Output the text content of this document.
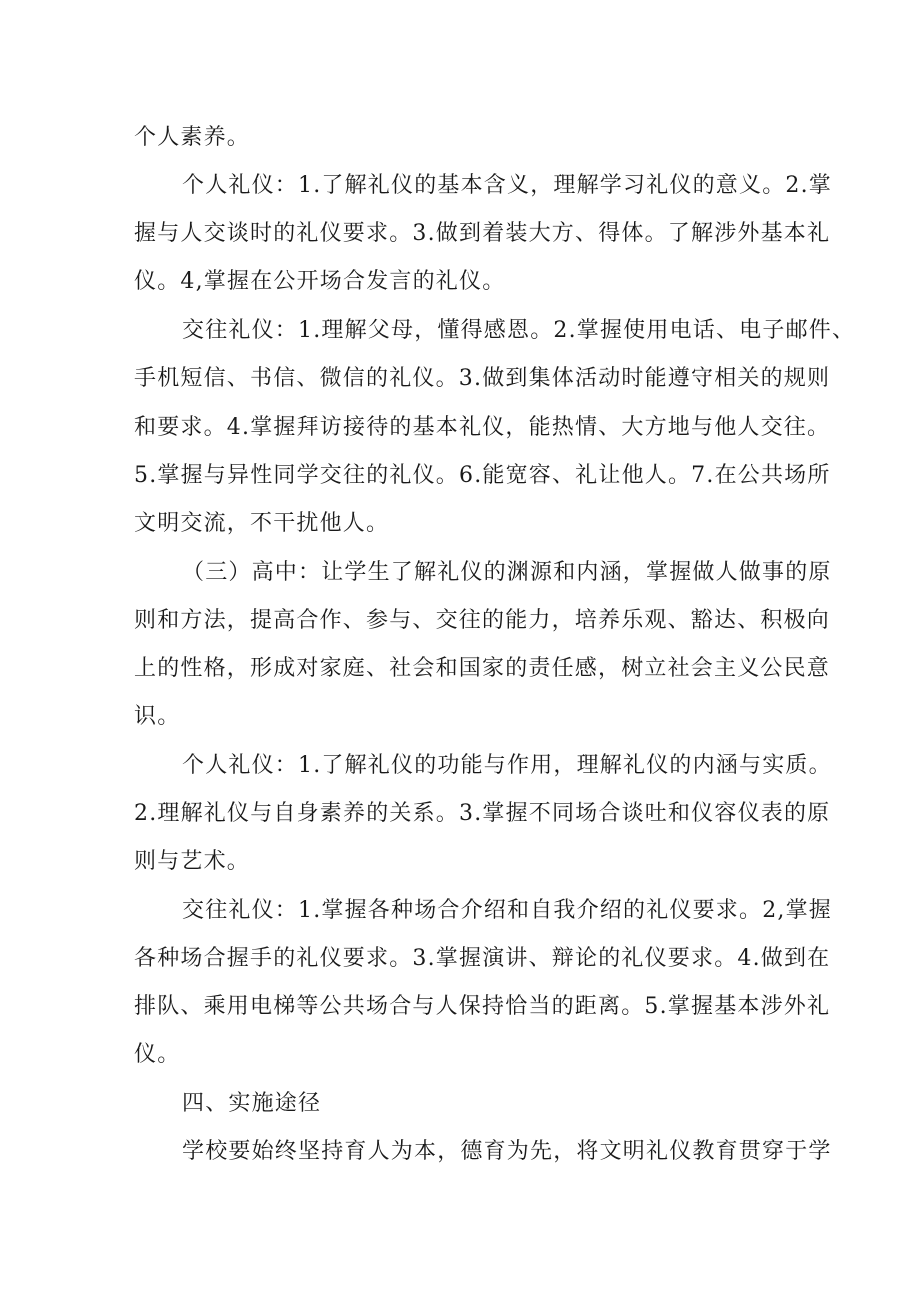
个人素养。
个人礼仪：1.了解礼仪的基本含义，理解学习礼仪的意义。2.掌
握与人交谈时的礼仪要求。3.做到着装大方、得体。了解涉外基本礼
仪。4,掌握在公开场合发言的礼仪。
交往礼仪：1.理解父母，懂得感恩。2.掌握使用电话、电子邮件、
手机短信、书信、微信的礼仪。3.做到集体活动时能遵守相关的规则
和要求。4.掌握拜访接待的基本礼仪，能热情、大方地与他人交往。
5.掌握与异性同学交往的礼仪。6.能宽容、礼让他人。7.在公共场所
文明交流，不干扰他人。
（三）高中：让学生了解礼仪的渊源和内涵，掌握做人做事的原
则和方法，提高合作、参与、交往的能力，培养乐观、豁达、积极向
上的性格，形成对家庭、社会和国家的责任感，树立社会主义公民意
识。
个人礼仪：1.了解礼仪的功能与作用，理解礼仪的内涵与实质。
2.理解礼仪与自身素养的关系。3.掌握不同场合谈吐和仪容仪表的原
则与艺术。
交往礼仪：1.掌握各种场合介绍和自我介绍的礼仪要求。2,掌握
各种场合握手的礼仪要求。3.掌握演讲、辩论的礼仪要求。4.做到在
排队、乘用电梯等公共场合与人保持恰当的距离。5.掌握基本涉外礼
仪。
四、实施途径
学校要始终坚持育人为本，德育为先，将文明礼仪教育贯穿于学
